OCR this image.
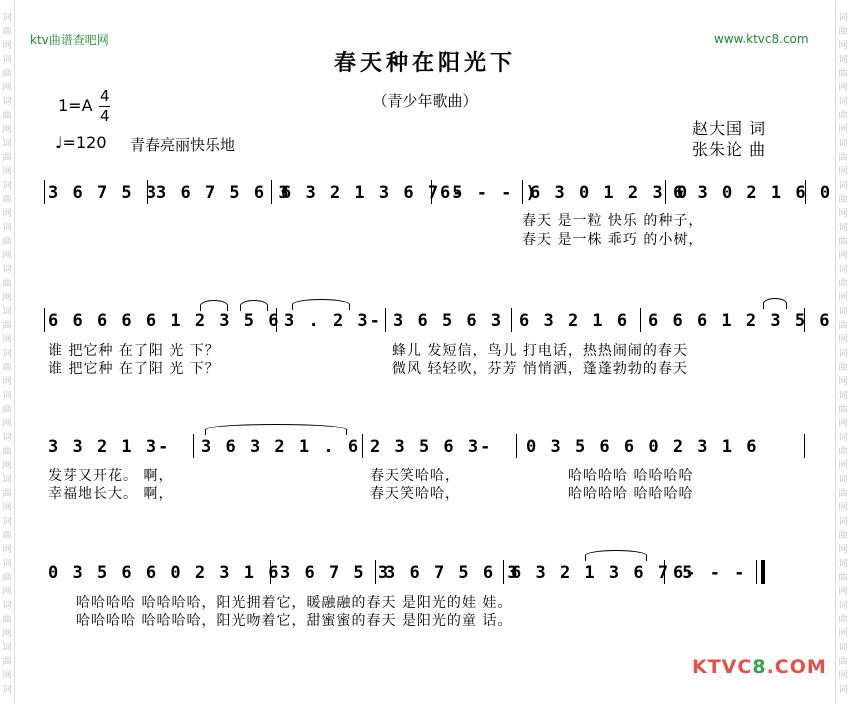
词
曲
网
词
曲
网
词
曲
网
词
曲
网
词
曲
网
词
曲
网
词
曲
网
词
曲
网
词
曲
网
词
曲
网
词
曲
网
词
曲
网
词
曲
网
词
曲
网
词
曲
网
词
曲
网
词
词
曲
网
词
曲
网
词
曲
网
词
曲
网
词
曲
网
词
曲
网
词
曲
网
词
曲
网
词
曲
网
词
曲
网
词
曲
网
词
曲
网
词
曲
网
词
曲
网
词
曲
网
词
曲
网
词
ktv曲谱查吧网	www.ktvc8.com
春天种在阳光下
（青少年歌曲）
1=A 4
4
♩=120 青春亮丽快乐地
赵大国 词
张朱论 曲
3 6 7 5 3
3 6 7 5 6 3
6 3 2 1 3 6 7 5
6- - - )
6 3 0 1 2 3 0
6 3 0 2 1 6 0
春天 是一粒 快乐 的种子，
春天 是一株 乖巧 的小树，
6 6 6 6 6 1 2 3 5 6 3 . 2 3- 3 6 5 6 3 6 3 2 1 6 6 6 6 1 2 3 5 6
谁 把它种 在了阳 光 下？	蜂儿 发短信，鸟儿 打电话，热热闹闹的春天
谁 把它种 在了阳 光 下？	微风 轻轻吹，芬芳 悄悄洒，蓬蓬勃勃的春天
3 3 2 1 3- 3 6 3 2 1 . 6 2 3 5 6 3- 0 3 5 6 6 0 2 3 1 6
发芽又开花。 啊，	春天笑哈哈，	哈哈哈哈 哈哈哈哈
幸福地长大。 啊，	春天笑哈哈，	哈哈哈哈 哈哈哈哈
0 3 5 6 6 0 2 3 1 6 3 6 7 5 3
3 6 7 5 6 3
6 3 2 1 3 6 7 5
6- - -
哈哈哈哈 哈哈哈哈，阳光拥着它，暖融融的春天 是阳光的娃 娃。
哈哈哈哈 哈哈哈哈，阳光吻着它，甜蜜蜜的春天 是阳光的童 话。
KTVC8.COM
